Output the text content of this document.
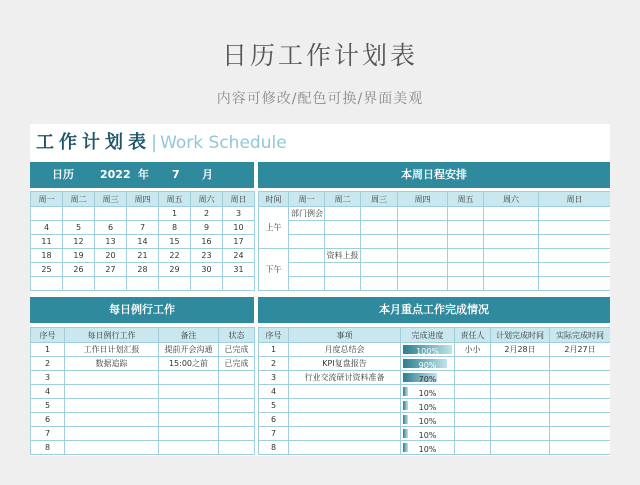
日历工作计划表
内容可修改/配色可换/界面美观
工作计划表| Work Schedule
日历 2022 年 7 月
周一	周二	周三	周四	周五	周六	周日
				1	2	3
4	5	6	7	8	9	10
11	12	13	14	15	16	17
18	19	20	21	22	23	24
25	26	27	28	29	30	31

本周日程安排
时间	周一	周二	周三	周四	周五	周六	周日
上午	部门例会						

下午		资料上报					

每日例行工作
序号	每日例行工作	备注	状态
1	工作日计划汇报	提前开会沟通	已完成
2	数据追踪	15:00之前	已完成
3			
4			
5			
6			
7			
8			
本月重点工作完成情况
序号	事项	完成进度	责任人	计划完成时间	实际完成时间
1	月度总结会	100%	小小	2月28日	2月27日
2	KPI复盘报告	90%			

3	行业交流研讨资料准备	70%			

4		10%			

5		10%			

6		10%			

7		10%			

8		10%			
